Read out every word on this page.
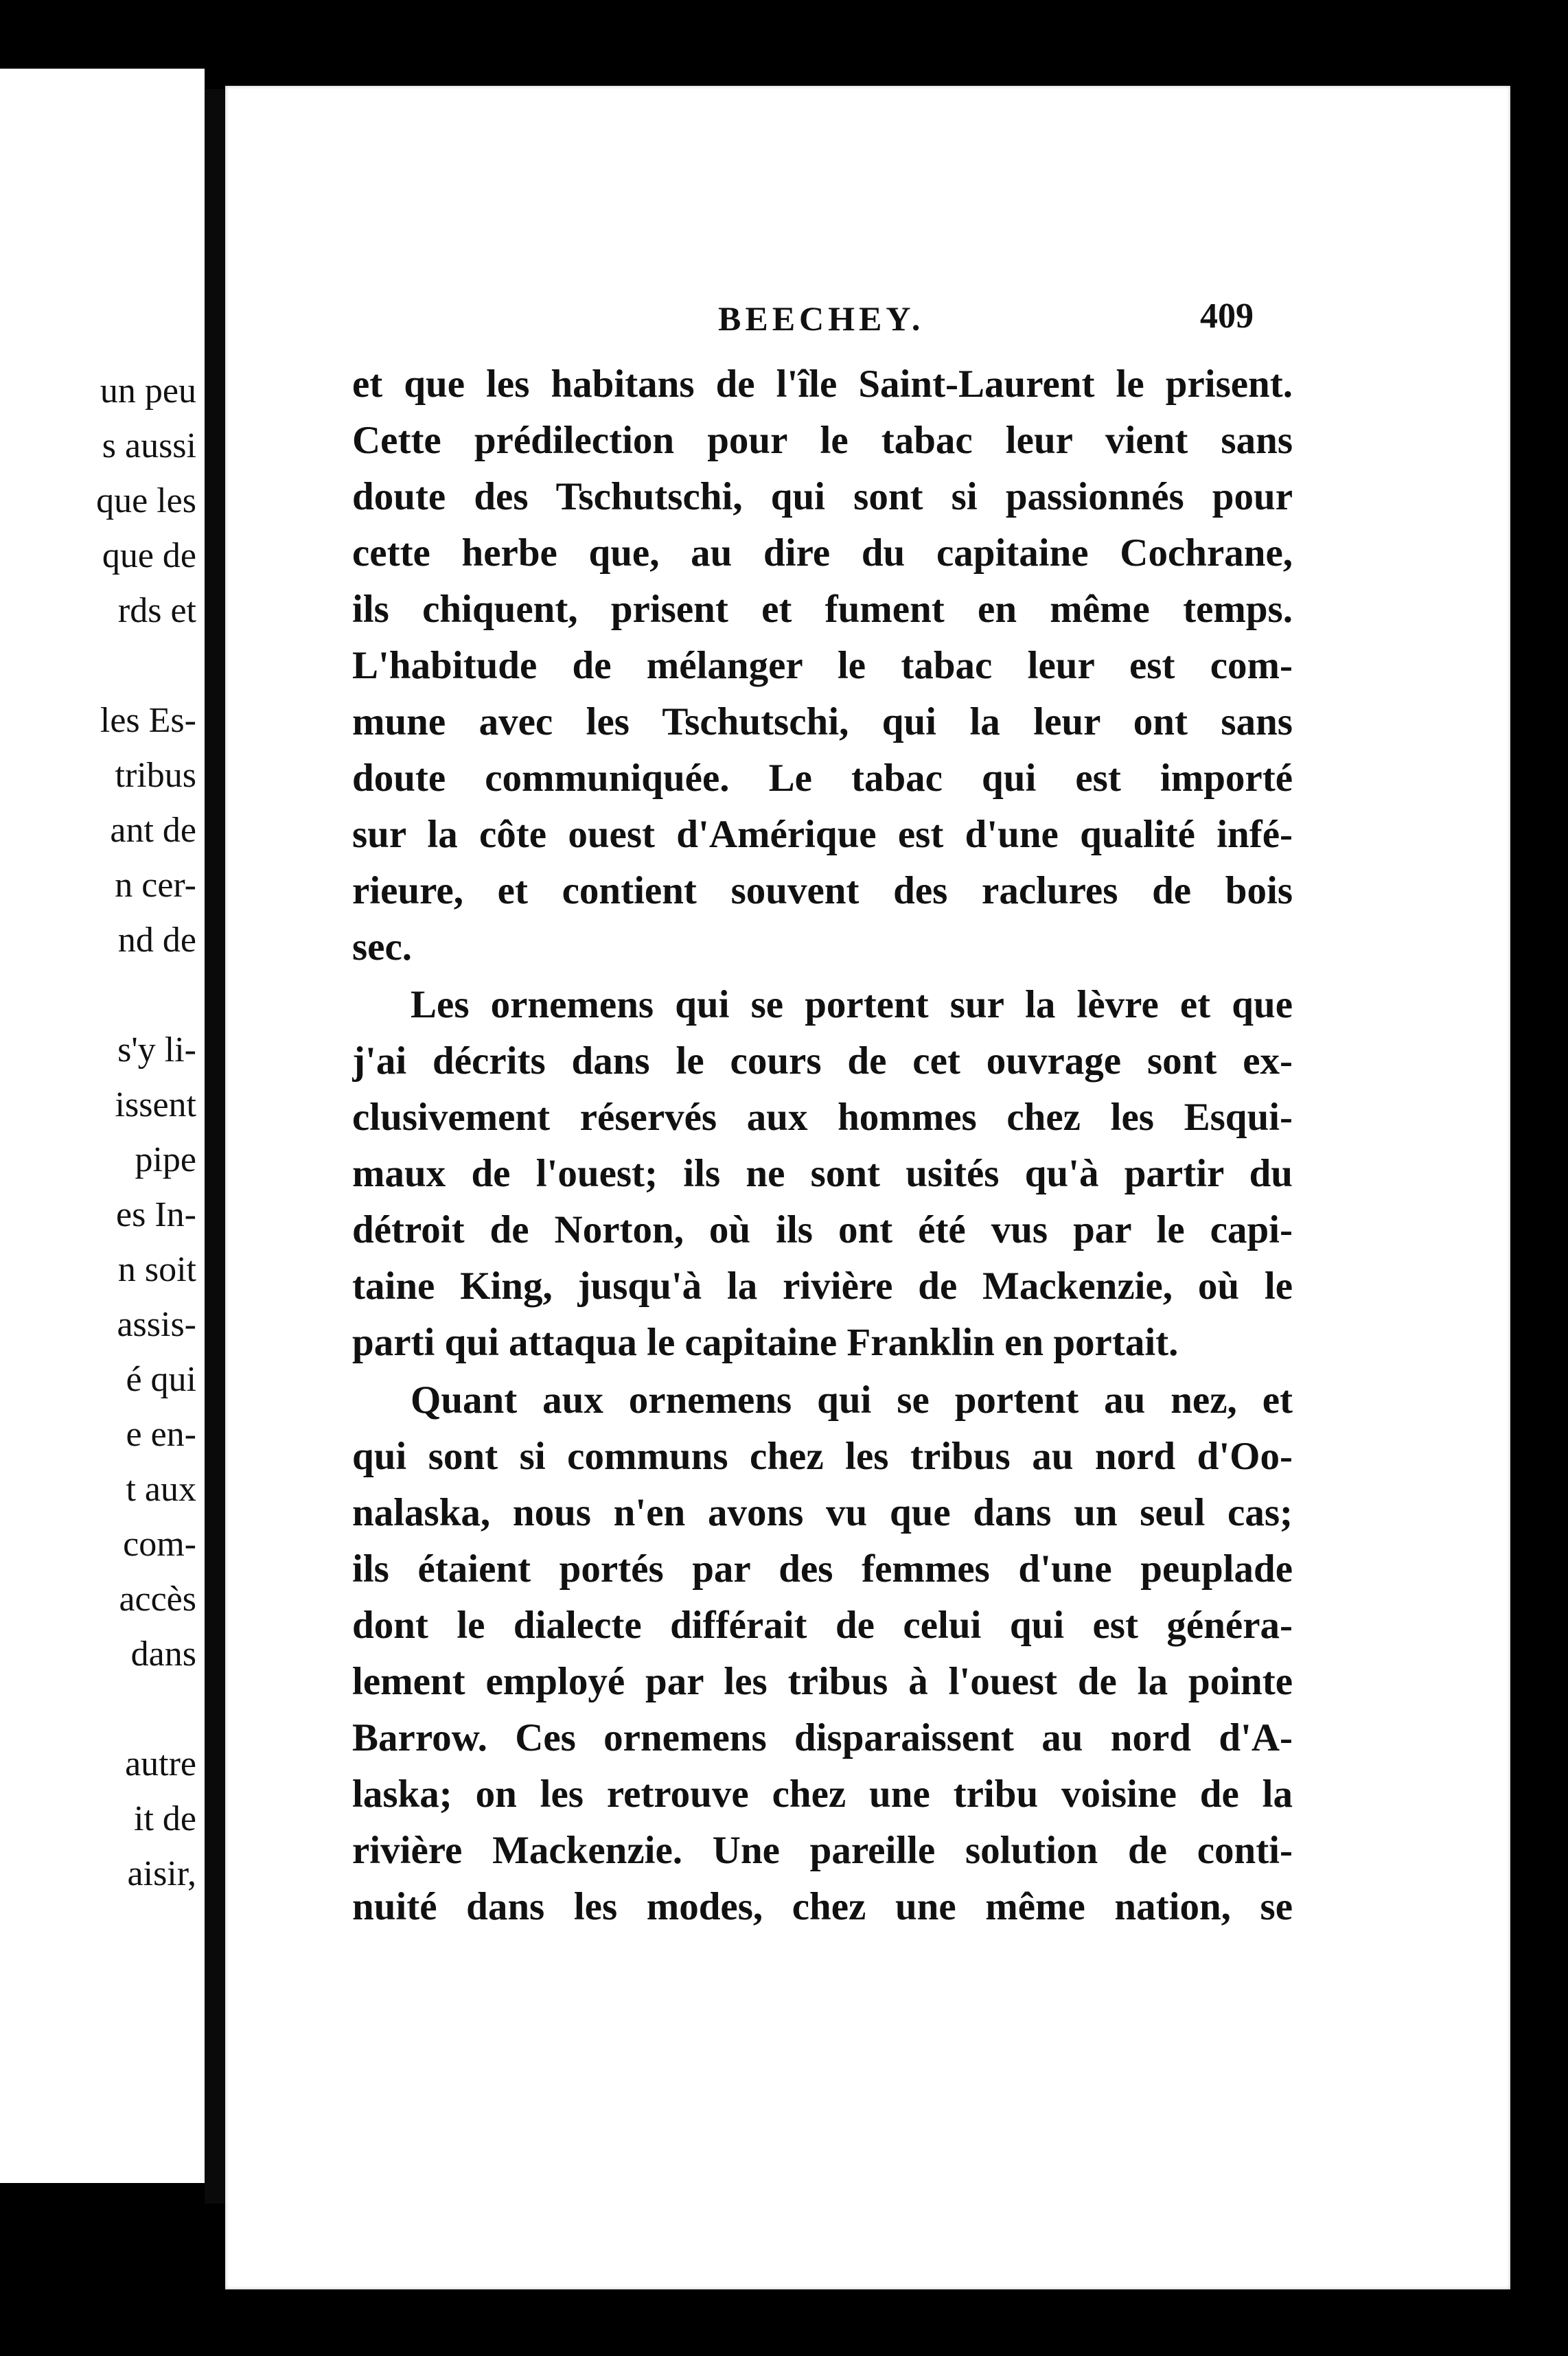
un peu
s aussi
que les
que de
rds et
les Es-
tribus
ant de
n cer-
nd de
s'y li-
issent
pipe
es In-
n soit
assis-
é qui
e en-
t aux
com-
accès
dans
autre
it de
aisir,
BEECHEY.	409
et que les habitans de l'île Saint-Laurent le prisent.
Cette prédilection pour le tabac leur vient sans
doute des Tschutschi, qui sont si passionnés pour
cette herbe que, au dire du capitaine Cochrane,
ils chiquent, prisent et fument en même temps.
L'habitude de mélanger le tabac leur est com-
mune avec les Tschutschi, qui la leur ont sans
doute communiquée. Le tabac qui est importé
sur la côte ouest d'Amérique est d'une qualité infé-
rieure, et contient souvent des raclures de bois
sec.
Les ornemens qui se portent sur la lèvre et que
j'ai décrits dans le cours de cet ouvrage sont ex-
clusivement réservés aux hommes chez les Esqui-
maux de l'ouest; ils ne sont usités qu'à partir du
détroit de Norton, où ils ont été vus par le capi-
taine King, jusqu'à la rivière de Mackenzie, où le
parti qui attaqua le capitaine Franklin en portait.
Quant aux ornemens qui se portent au nez, et
qui sont si communs chez les tribus au nord d'Oo-
nalaska, nous n'en avons vu que dans un seul cas;
ils étaient portés par des femmes d'une peuplade
dont le dialecte différait de celui qui est généra-
lement employé par les tribus à l'ouest de la pointe
Barrow. Ces ornemens disparaissent au nord d'A-
laska; on les retrouve chez une tribu voisine de la
rivière Mackenzie. Une pareille solution de conti-
nuité dans les modes, chez une même nation, se
